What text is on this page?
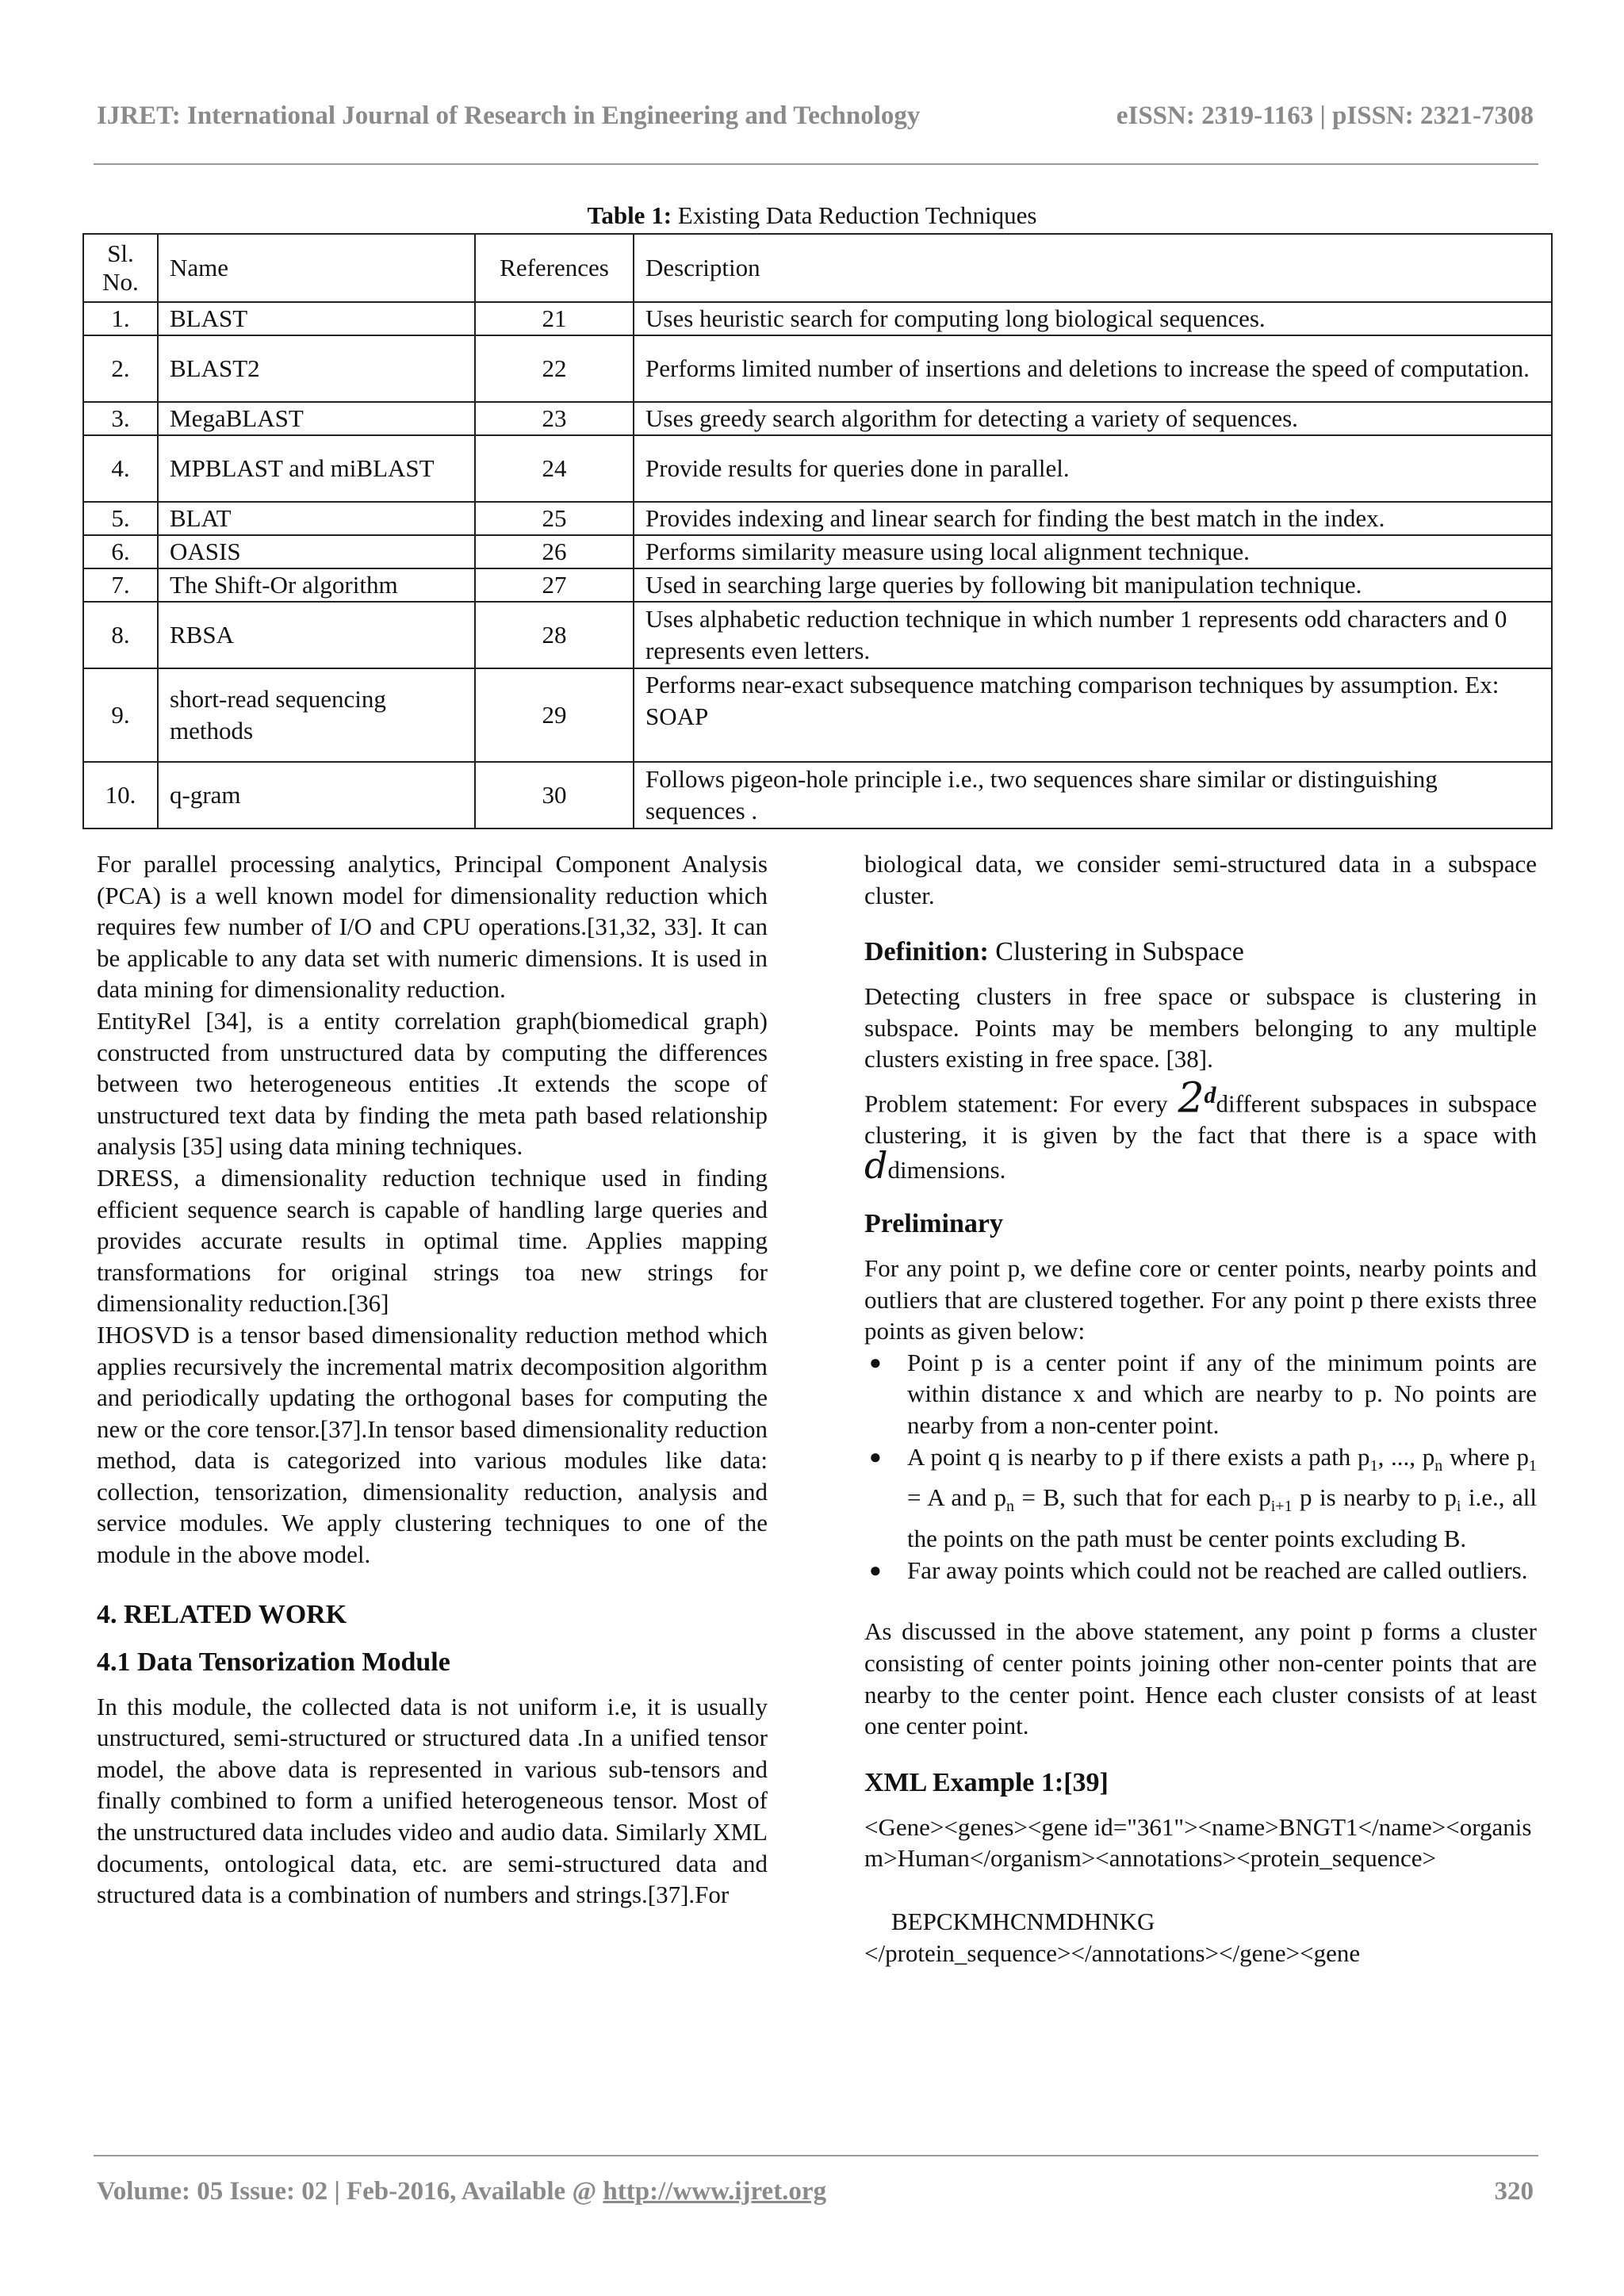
IJRET: International Journal of Research in Engineering and Technology	eISSN: 2319-1163 | pISSN: 2321-7308
Table 1: Existing Data Reduction Techniques
Sl. No.	Name	References	Description
1.	BLAST	21	Uses heuristic search for computing long biological sequences.
2.	BLAST2	22	Performs limited number of insertions and deletions to increase the speed of computation.
3.	MegaBLAST	23	Uses greedy search algorithm for detecting a variety of sequences.
4.	MPBLAST and miBLAST	24	Provide results for queries done in parallel.
5.	BLAT	25	Provides indexing and linear search for finding the best match in the index.
6.	OASIS	26	Performs similarity measure using local alignment technique.
7.	The Shift-Or algorithm	27	Used in searching large queries by following bit manipulation technique.
8.	RBSA	28	Uses alphabetic reduction technique in which number 1 represents odd characters and 0 represents even letters.
9.	short-read sequencing methods	29	Performs near-exact subsequence matching comparison techniques by assumption. Ex: SOAP
10.	q-gram	30	Follows pigeon-hole principle i.e., two sequences share similar or distinguishing sequences .

For parallel processing analytics, Principal Component Analysis (PCA) is a well known model for dimensionality reduction which requires few number of I/O and CPU operations.[31,32, 33]. It can be applicable to any data set with numeric dimensions. It is used in data mining for dimensionality reduction.

EntityRel [34], is a entity correlation graph(biomedical graph) constructed from unstructured data by computing the differences between two heterogeneous entities .It extends the scope of unstructured text data by finding the meta path based relationship analysis [35] using data mining techniques.

DRESS, a dimensionality reduction technique used in finding efficient sequence search is capable of handling large queries and provides accurate results in optimal time. Applies mapping transformations for original strings toa new strings for dimensionality reduction.[36]

IHOSVD is a tensor based dimensionality reduction method which applies recursively the incremental matrix decomposition algorithm and periodically updating the orthogonal bases for computing the new or the core tensor.[37].In tensor based dimensionality reduction method, data is categorized into various modules like data: collection, tensorization, dimensionality reduction, analysis and service modules. We apply clustering techniques to one of the module in the above model.

4. RELATED WORK

4.1 Data Tensorization Module

In this module, the collected data is not uniform i.e, it is usually unstructured, semi-structured or structured data .In a unified tensor model, the above data is represented in various sub-tensors and finally combined to form a unified heterogeneous tensor. Most of the unstructured data includes video and audio data. Similarly XML documents, ontological data, etc. are semi-structured data and structured data is a combination of numbers and strings.[37].For

biological data, we consider semi-structured data in a subspace cluster.

Definition: Clustering in Subspace

Detecting clusters in free space or subspace is clustering in subspace. Points may be members belonging to any multiple clusters existing in free space. [38].

Problem statement: For every 2$^d$different subspaces in subspace clustering, it is given by the fact that there is a space with ddimensions.

Preliminary

For any point p, we define core or center points, nearby points and outliers that are clustered together. For any point p there exists three points as given below:

● Point p is a center point if any of the minimum points are within distance x and which are nearby to p. No points are nearby from a non-center point.
● A point q is nearby to p if there exists a path $p_1$, ..., $p_n$ where $p_1 = A$ and $p_n = B$, such that for each $p_{i+1}$ p is nearby to $p_i$ i.e., all the points on the path must be center points excluding B.
● Far away points which could not be reached are called outliers.

As discussed in the above statement, any point p forms a cluster consisting of center points joining other non-center points that are nearby to the center point. Hence each cluster consists of at least one center point.

XML Example 1:[39]

<Gene><genes><gene id="361"><name>BNGT1</name><organism>Human</organism><annotations><protein_sequence>

BEPCKMHCNMDHNKG

</protein_sequence></annotations></gene><gene

Volume: 05 Issue: 02 | Feb-2016, Available @ http://www.ijret.org	320
